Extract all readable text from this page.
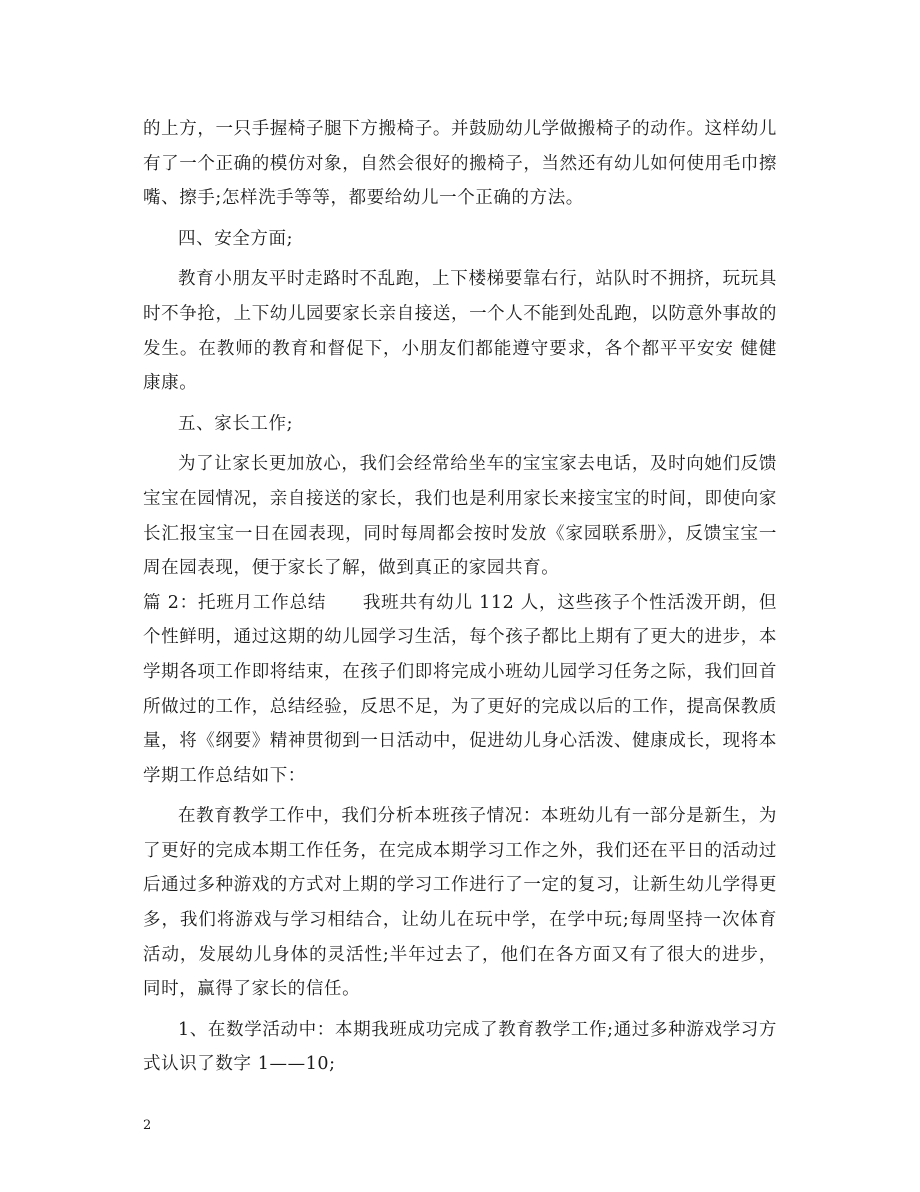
的上方，一只手握椅子腿下方搬椅子。并鼓励幼儿学做搬椅子的动作。这样幼儿有了一个正确的模仿对象，自然会很好的搬椅子，当然还有幼儿如何使用毛巾擦嘴、擦手;怎样洗手等等，都要给幼儿一个正确的方法。

四、安全方面;

教育小朋友平时走路时不乱跑，上下楼梯要靠右行，站队时不拥挤，玩玩具时不争抢，上下幼儿园要家长亲自接送，一个人不能到处乱跑，以防意外事故的发生。在教师的教育和督促下，小朋友们都能遵守要求，各个都平平安安 健健康康。

五、家长工作;

为了让家长更加放心，我们会经常给坐车的宝宝家去电话，及时向她们反馈宝宝在园情况，亲自接送的家长，我们也是利用家长来接宝宝的时间，即使向家长汇报宝宝一日在园表现，同时每周都会按时发放《家园联系册》，反馈宝宝一周在园表现，便于家长了解，做到真正的家园共育。

篇 2：托班月工作总结　　我班共有幼儿 112 人，这些孩子个性活泼开朗，但个性鲜明，通过这期的幼儿园学习生活，每个孩子都比上期有了更大的进步，本学期各项工作即将结束，在孩子们即将完成小班幼儿园学习任务之际，我们回首所做过的工作，总结经验，反思不足，为了更好的完成以后的工作，提高保教质量，将《纲要》精神贯彻到一日活动中，促进幼儿身心活泼、健康成长，现将本学期工作总结如下：

在教育教学工作中，我们分析本班孩子情况：本班幼儿有一部分是新生，为了更好的完成本期工作任务，在完成本期学习工作之外，我们还在平日的活动过后通过多种游戏的方式对上期的学习工作进行了一定的复习，让新生幼儿学得更多，我们将游戏与学习相结合，让幼儿在玩中学，在学中玩;每周坚持一次体育活动，发展幼儿身体的灵活性;半年过去了，他们在各方面又有了很大的进步，同时，赢得了家长的信任。

1、在数学活动中：本期我班成功完成了教育教学工作;通过多种游戏学习方式认识了数字 1——10;

2
